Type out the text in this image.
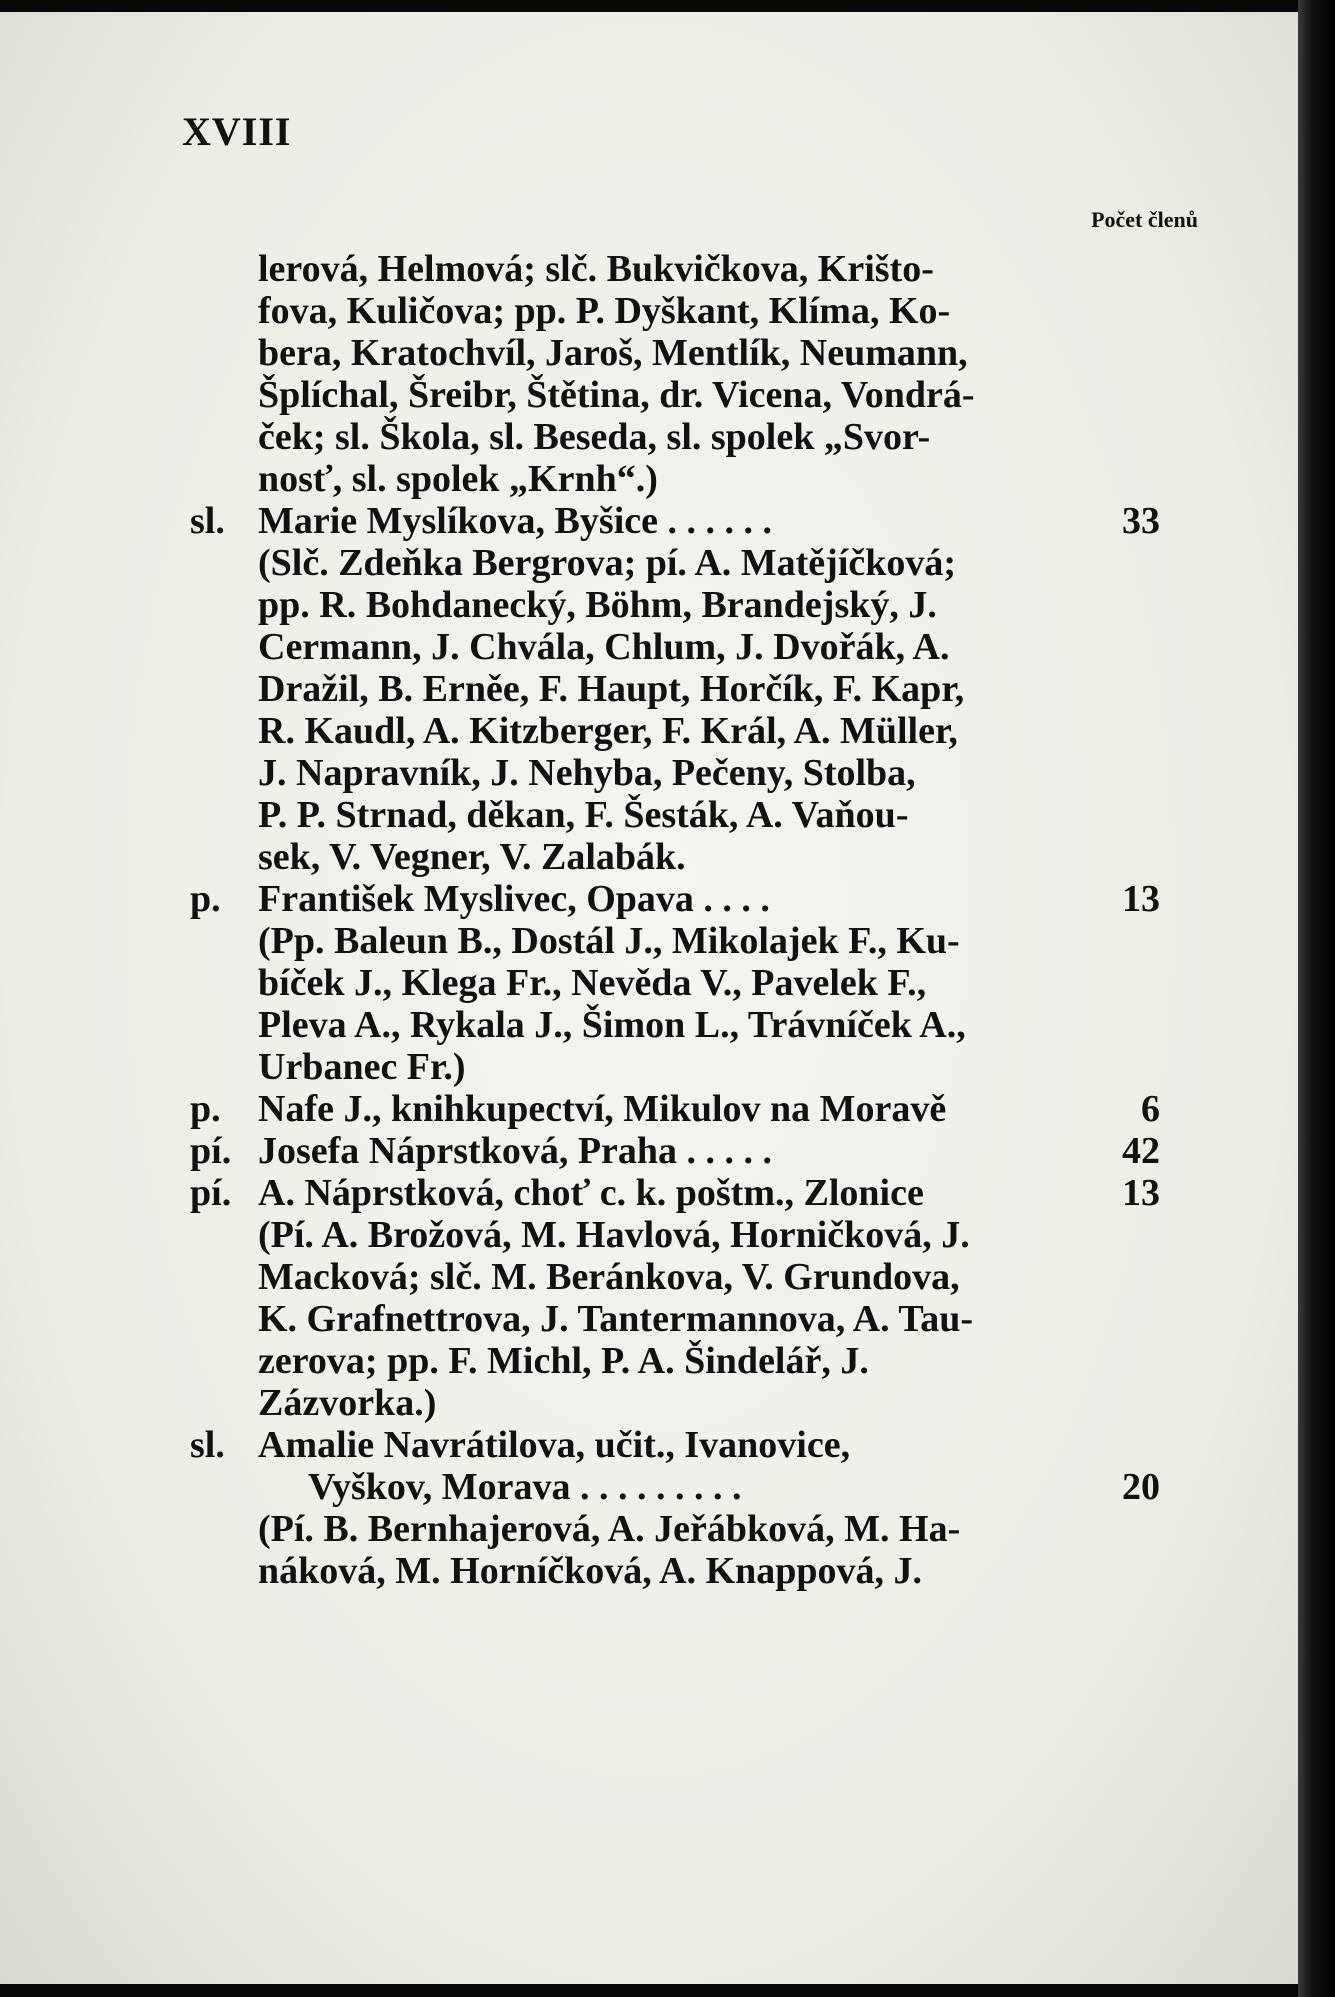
XVIII
Počet členů
lerová, Helmová; slč. Bukvičkova, Krišto-
fova, Kuličova; pp. P. Dyškant, Klíma, Ko-
bera, Kratochvíl, Jaroš, Mentlík, Neumann,
Šplíchal, Šreibr, Štětina, dr. Vicena, Vondrá-
ček; sl. Škola, sl. Beseda, sl. spolek „Svor-
nosť, sl. spolek „Krnh“.)
sl. Marie Myslíkova, Byšice . . . . . .	33
(Slč. Zdeňka Bergrova; pí. A. Matějíčková;
pp. R. Bohdanecký, Böhm, Brandejský, J.
Cermann, J. Chvála, Chlum, J. Dvořák, A.
Dražil, B. Erněe, F. Haupt, Horčík, F. Kapr,
R. Kaudl, A. Kitzberger, F. Král, A. Müller,
J. Napravník, J. Nehyba, Pečeny, Stolba,
P. P. Strnad, děkan, F. Šesták, A. Vaňou-
sek, V. Vegner, V. Zalabák.
p. František Myslivec, Opava . . . .	13
(Pp. Baleun B., Dostál J., Mikolajek F., Ku-
bíček J., Klega Fr., Nevěda V., Pavelek F.,
Pleva A., Rykala J., Šimon L., Trávníček A.,
Urbanec Fr.)
p. Nafe J., knihkupectví, Mikulov na Moravě	6
pí. Josefa Náprstková, Praha . . . . .	42
pí. A. Náprstková, choť c. k. poštm., Zlonice	13
(Pí. A. Brožová, M. Havlová, Horničková, J.
Macková; slč. M. Beránkova, V. Grundova,
K. Grafnettrova, J. Tantermannova, A. Tau-
zerova; pp. F. Michl, P. A. Šindelář, J.
Zázvorka.)
sl. Amalie Navrátilova, učit., Ivanovice,
Vyškov, Morava . . . . . . . . .	20
(Pí. B. Bernhajerová, A. Jeřábková, M. Ha-
náková, M. Horníčková, A. Knappová, J.
